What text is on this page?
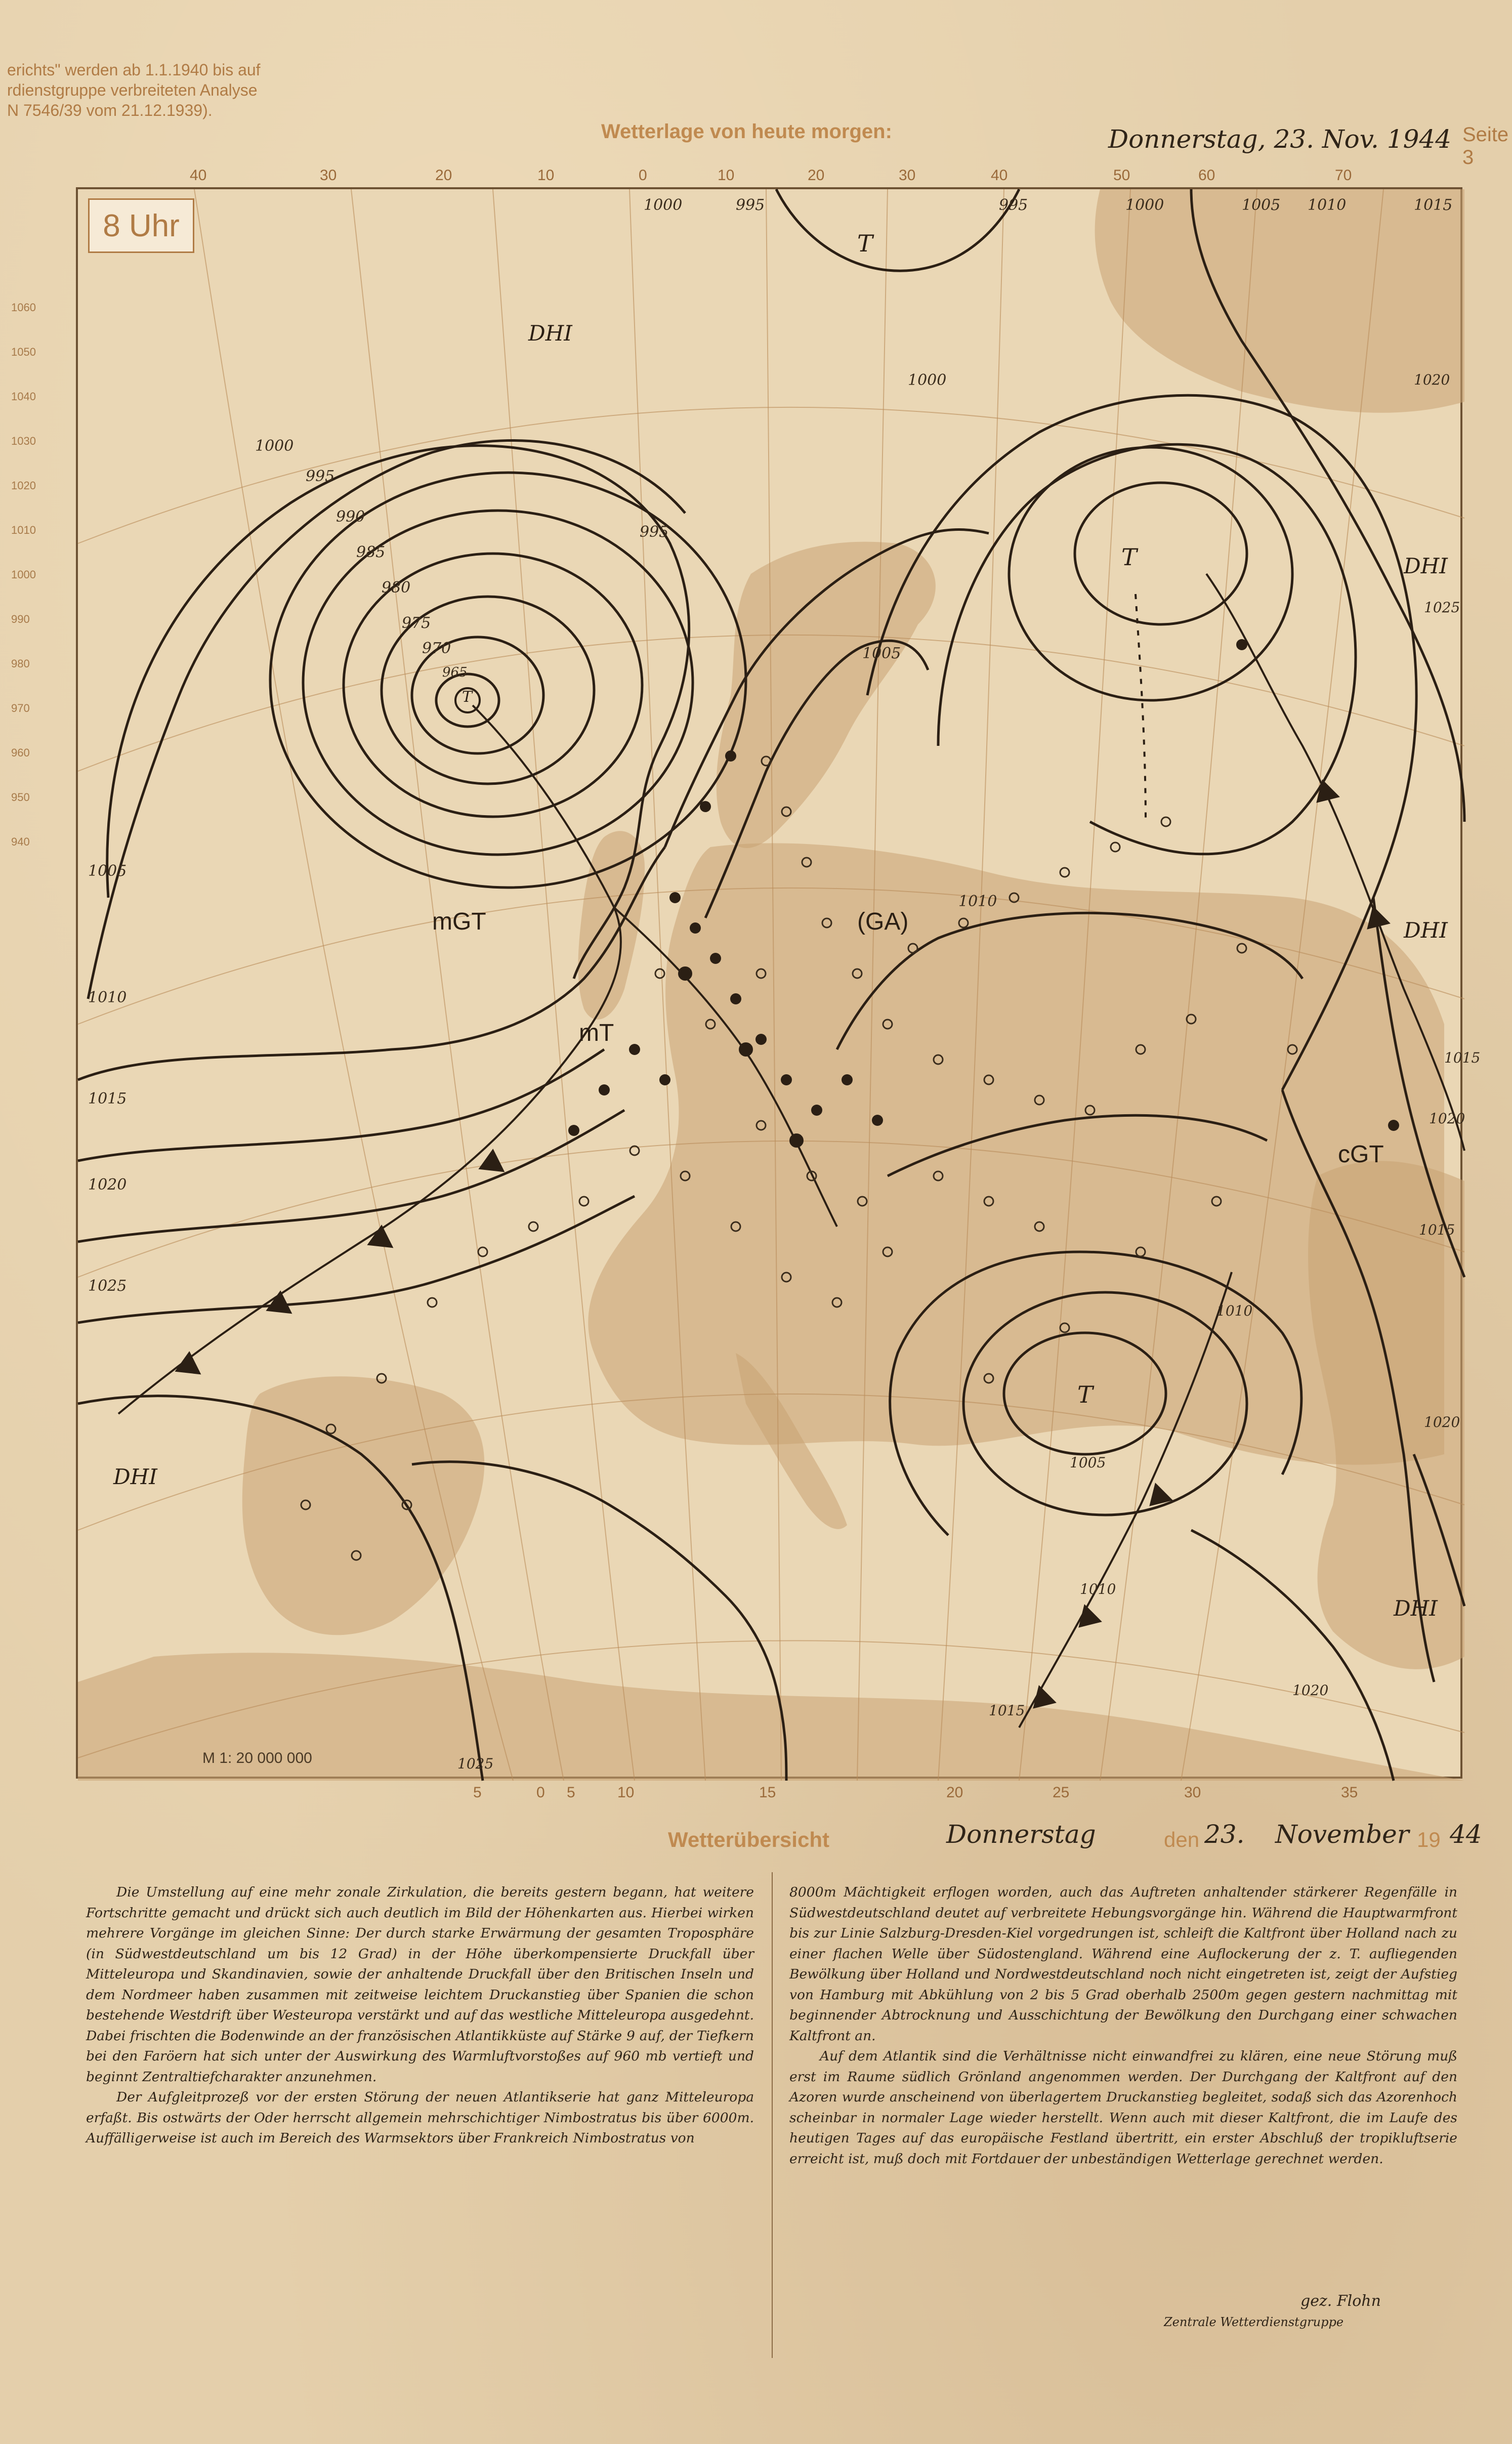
erichts" werden ab 1.1.1940 bis auf
rdienstgruppe verbreiteten Analyse
N 7546/39 vom 21.12.1939).
Wetterlage von heute morgen:	Donnerstag, 23. Nov. 1944 Seite 3
1060
1050
1040
1030
1020
1010
1000
990
980
970
960
950
940
40	30	20	10	0	10	20	30	40	50	60	70
1000	995	995	1000	1005 1010	1015
1000
1000
995
990
985
980
975
970
965
1005
1010
1015
1020
1025
995
1005
1010
1015
1020
1025
1020
1015
1010
1005
1010
1015
1020
1025
1020
mGT
mT
(GA)
cGT
DHI
DHI
DHI
DHI
DHI
T
T
T
T
8 Uhr
M 1: 20 000 000
5	0 5	10	15	20	25	30	35
Wetterübersicht	Donnerstag	den 23. November 19 44

Die Umstellung auf eine mehr zonale Zirkulation, die bereits gestern begann, hat weitere Fortschritte gemacht und drückt sich auch deutlich im Bild der Höhenkarten aus. Hierbei wirken mehrere Vorgänge im gleichen Sinne: Der durch starke Erwärmung der gesamten Troposphäre (in Südwestdeutschland um bis 12 Grad) in der Höhe überkompensierte Druckfall über Mitteleuropa und Skandinavien, sowie der anhaltende Druckfall über den Britischen Inseln und dem Nordmeer haben zusammen mit zeitweise leichtem Druckanstieg über Spanien die schon bestehende Westdrift über Westeuropa verstärkt und auf das westliche Mitteleuropa ausgedehnt. Dabei frischten die Bodenwinde an der französischen Atlantikküste auf Stärke 9 auf, der Tiefkern bei den Faröern hat sich unter der Auswirkung des Warmluftvorstoßes auf 960 mb vertieft und beginnt Zentraltiefcharakter anzunehmen.

Der Aufgleitprozeß vor der ersten Störung der neuen Atlantikserie hat ganz Mitteleuropa erfaßt. Bis ostwärts der Oder herrscht allgemein mehrschichtiger Nimbostratus bis über 6000m. Auffälligerweise ist auch im Bereich des Warmsektors über Frankreich Nimbostratus von

8000m Mächtigkeit erflogen worden, auch das Auftreten anhaltender stärkerer Regenfälle in Südwestdeutschland deutet auf verbreitete Hebungsvorgänge hin. Während die Hauptwarmfront bis zur Linie Salzburg-Dresden-Kiel vorgedrungen ist, schleift die Kaltfront über Holland nach zu einer flachen Welle über Südostengland. Während eine Auflockerung der z. T. aufliegenden Bewölkung über Holland und Nordwestdeutschland noch nicht eingetreten ist, zeigt der Aufstieg von Hamburg mit Abkühlung von 2 bis 5 Grad oberhalb 2500m gegen gestern nachmittag mit beginnender Abtrocknung und Ausschichtung der Bewölkung den Durchgang einer schwachen Kaltfront an.

Auf dem Atlantik sind die Verhältnisse nicht einwandfrei zu klären, eine neue Störung muß erst im Raume südlich Grönland angenommen werden. Der Durchgang der Kaltfront auf den Azoren wurde anscheinend von überlagertem Druckanstieg begleitet, sodaß sich das Azorenhoch scheinbar in normaler Lage wieder herstellt. Wenn auch mit dieser Kaltfront, die im Laufe des heutigen Tages auf das europäische Festland übertritt, ein erster Abschluß der tropikluftserie erreicht ist, muß doch mit Fortdauer der unbeständigen Wetterlage gerechnet werden.

gez. Flohn
Zentrale Wetterdienstgruppe
